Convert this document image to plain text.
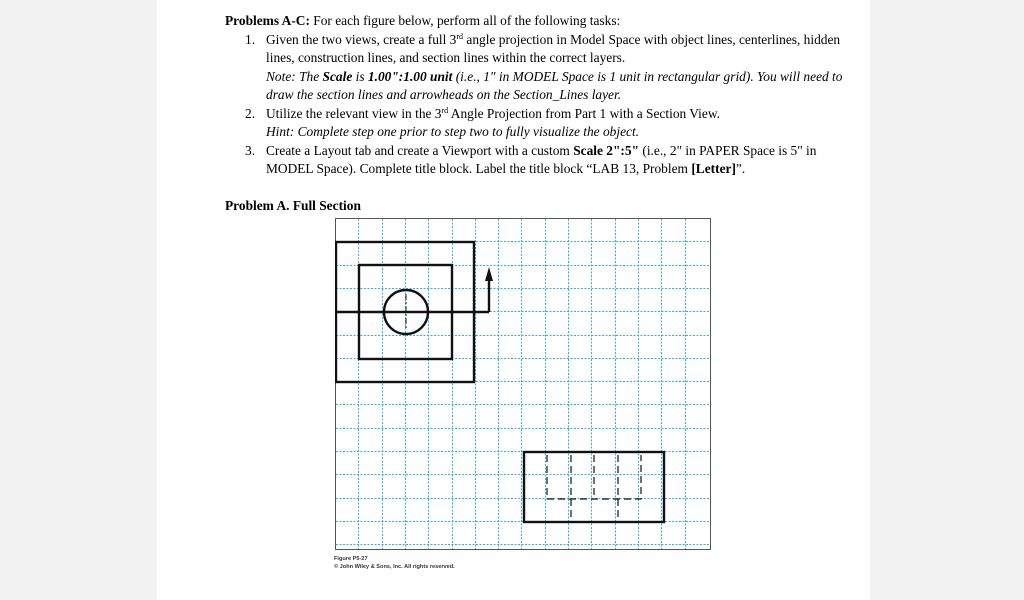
Problems A-C: For each figure below, perform all of the following tasks:
1. Given the two views, create a full 3rd angle projection in Model Space with object lines, centerlines, hidden lines, construction lines, and section lines within the correct layers.
Note: The Scale is 1.00":1.00 unit (i.e., 1" in MODEL Space is 1 unit in rectangular grid). You will need to draw the section lines and arrowheads on the Section_Lines layer.
2. Utilize the relevant view in the 3rd Angle Projection from Part 1 with a Section View.
Hint: Complete step one prior to step two to fully visualize the object.
3. Create a Layout tab and create a Viewport with a custom Scale 2":5" (i.e., 2" in PAPER Space is 5" in MODEL Space). Complete title block. Label the title block “LAB 13, Problem [Letter]”.
Problem A. Full Section
Figure P5-27
© John Wiley & Sons, Inc. All rights reserved.
